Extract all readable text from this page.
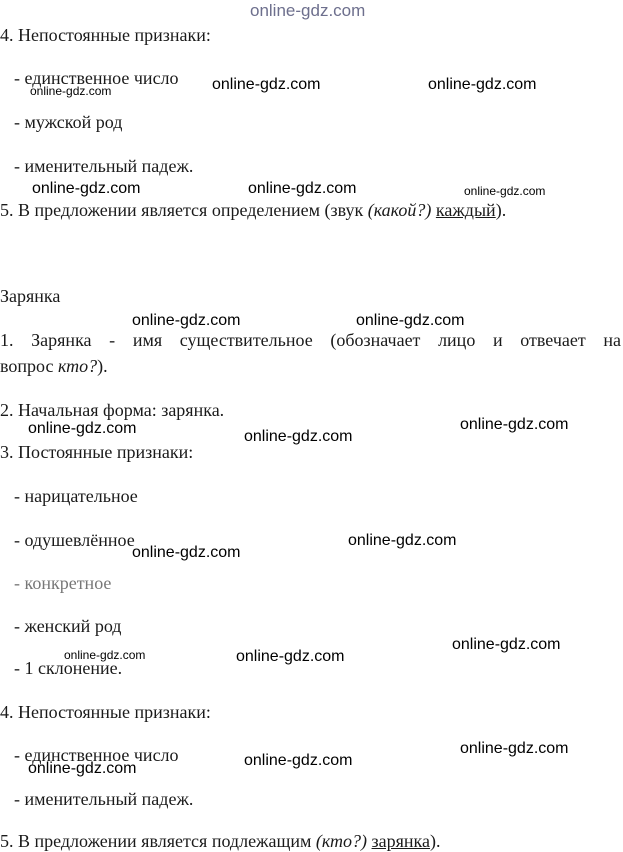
online-gdz.com
4. Непостоянные признаки:
- единственное число
- мужской род
- именительный падеж.
5. В предложении является определением (звук (какой?) каждый).
Зарянка
1. Зарянка - имя существительное (обозначает лицо и отвечает на
вопрос кто?).
2. Начальная форма: зарянка.
3. Постоянные признаки:
- нарицательное
- одушевлённое
- конкретное
- женский род
- 1 склонение.
4. Непостоянные признаки:
- единственное число
- именительный падеж.
5. В предложении является подлежащим (кто?) зарянка).
online-gdz.com	online-gdz.com	online-gdz.com
online-gdz.com	online-gdz.com	online-gdz.com
online-gdz.com	online-gdz.com
online-gdz.com
online-gdz.com	online-gdz.com
online-gdz.com
online-gdz.com
online-gdz.com
online-gdz.com	online-gdz.com
online-gdz.com
online-gdz.com
online-gdz.com
